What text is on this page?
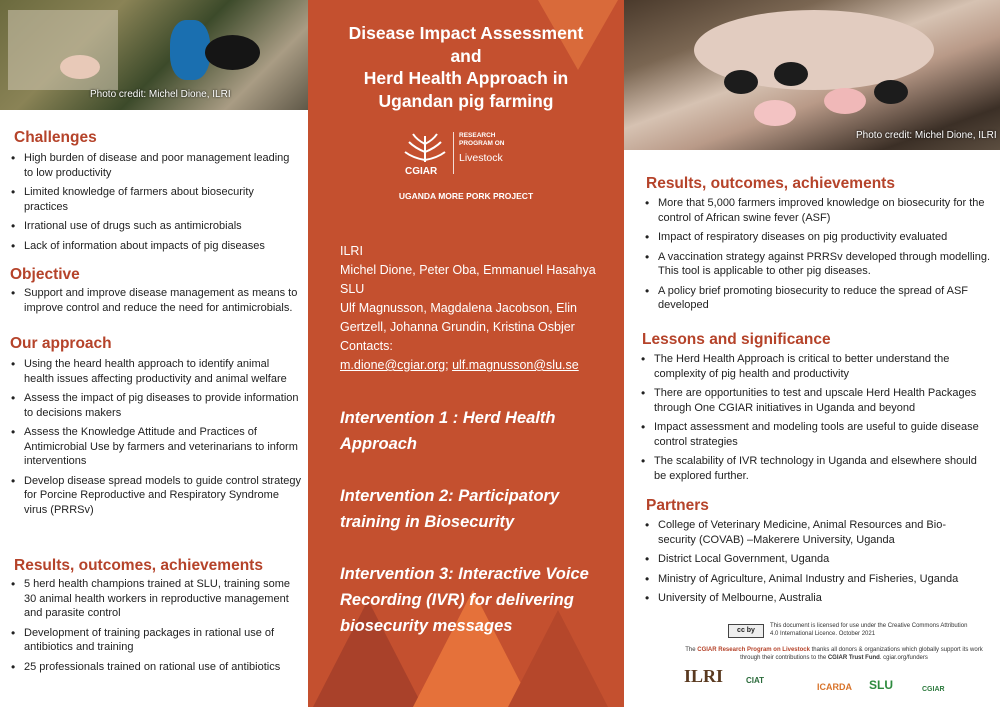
Photo credit: Michel Dione, ILRI
Challenges
• High burden of disease and poor management leading to low productivity
• Limited knowledge of farmers about biosecurity practices
• Irrational use of drugs such as antimicrobials
• Lack of information about impacts of pig diseases
Objective
• Support and improve disease management as means to improve control and reduce the need for antimicrobials.
Our approach
• Using the heard health approach to identify animal health issues affecting productivity and animal welfare
• Assess the impact of pig diseases to provide information to decisions makers
• Assess the Knowledge Attitude and Practices of Antimicrobial Use by farmers and veterinarians to inform interventions
• Develop disease spread models to guide control strategy for Porcine Reproductive and Respiratory Syndrome virus (PRRSv)
Results, outcomes, achievements
• 5 herd health champions trained at SLU, training some 30 animal health workers in reproductive management and parasite control
• Development of training packages in rational use of antibiotics and training
• 25 professionals trained on rational use of antibiotics
Disease Impact Assessment
and
Herd Health Approach in
Ugandan pig farming
CGIAR
RESEARCH PROGRAM ON
Livestock
UGANDA MORE PORK PROJECT
ILRI
Michel Dione, Peter Oba, Emmanuel Hasahya
SLU
Ulf Magnusson, Magdalena Jacobson, Elin Gertzell, Johanna Grundin, Kristina Osbjer
Contacts:
m.dione@cgiar.org; ulf.magnusson@slu.se
Intervention 1 : Herd Health Approach
Intervention 2: Participatory training in Biosecurity
Intervention 3: Interactive Voice Recording (IVR) for delivering biosecurity messages
Photo credit: Michel Dione, ILRI
Results, outcomes, achievements
• More that 5,000 farmers improved knowledge on biosecurity for the control of African swine fever (ASF)
• Impact of respiratory diseases on pig productivity evaluated
• A vaccination strategy against PRRSv developed through modelling. This tool is applicable to other pig diseases.
• A policy brief promoting biosecurity to reduce the spread of ASF developed
Lessons and significance
• The Herd Health Approach is critical to better understand the complexity of pig health and productivity
• There are opportunities to test and upscale Herd Health Packages through One CGIAR initiatives in Uganda and beyond
• Impact assessment and modeling tools are useful to guide disease control strategies
• The scalability of IVR technology in Uganda and elsewhere should be explored further.
Partners
• College of Veterinary Medicine, Animal Resources and Bio-security (COVAB) –Makerere University, Uganda
• District Local Government, Uganda
• Ministry of Agriculture, Animal Industry and Fisheries, Uganda
• University of Melbourne, Australia
cc by
This document is licensed for use under the Creative Commons Attribution 4.0 International Licence. October 2021
The CGIAR Research Program on Livestock thanks all donors & organizations which globally support its work through their contributions to the CGIAR Trust Fund. cgiar.org/funders
ILRI	CIAT
ICARDA SLU	CGIAR
